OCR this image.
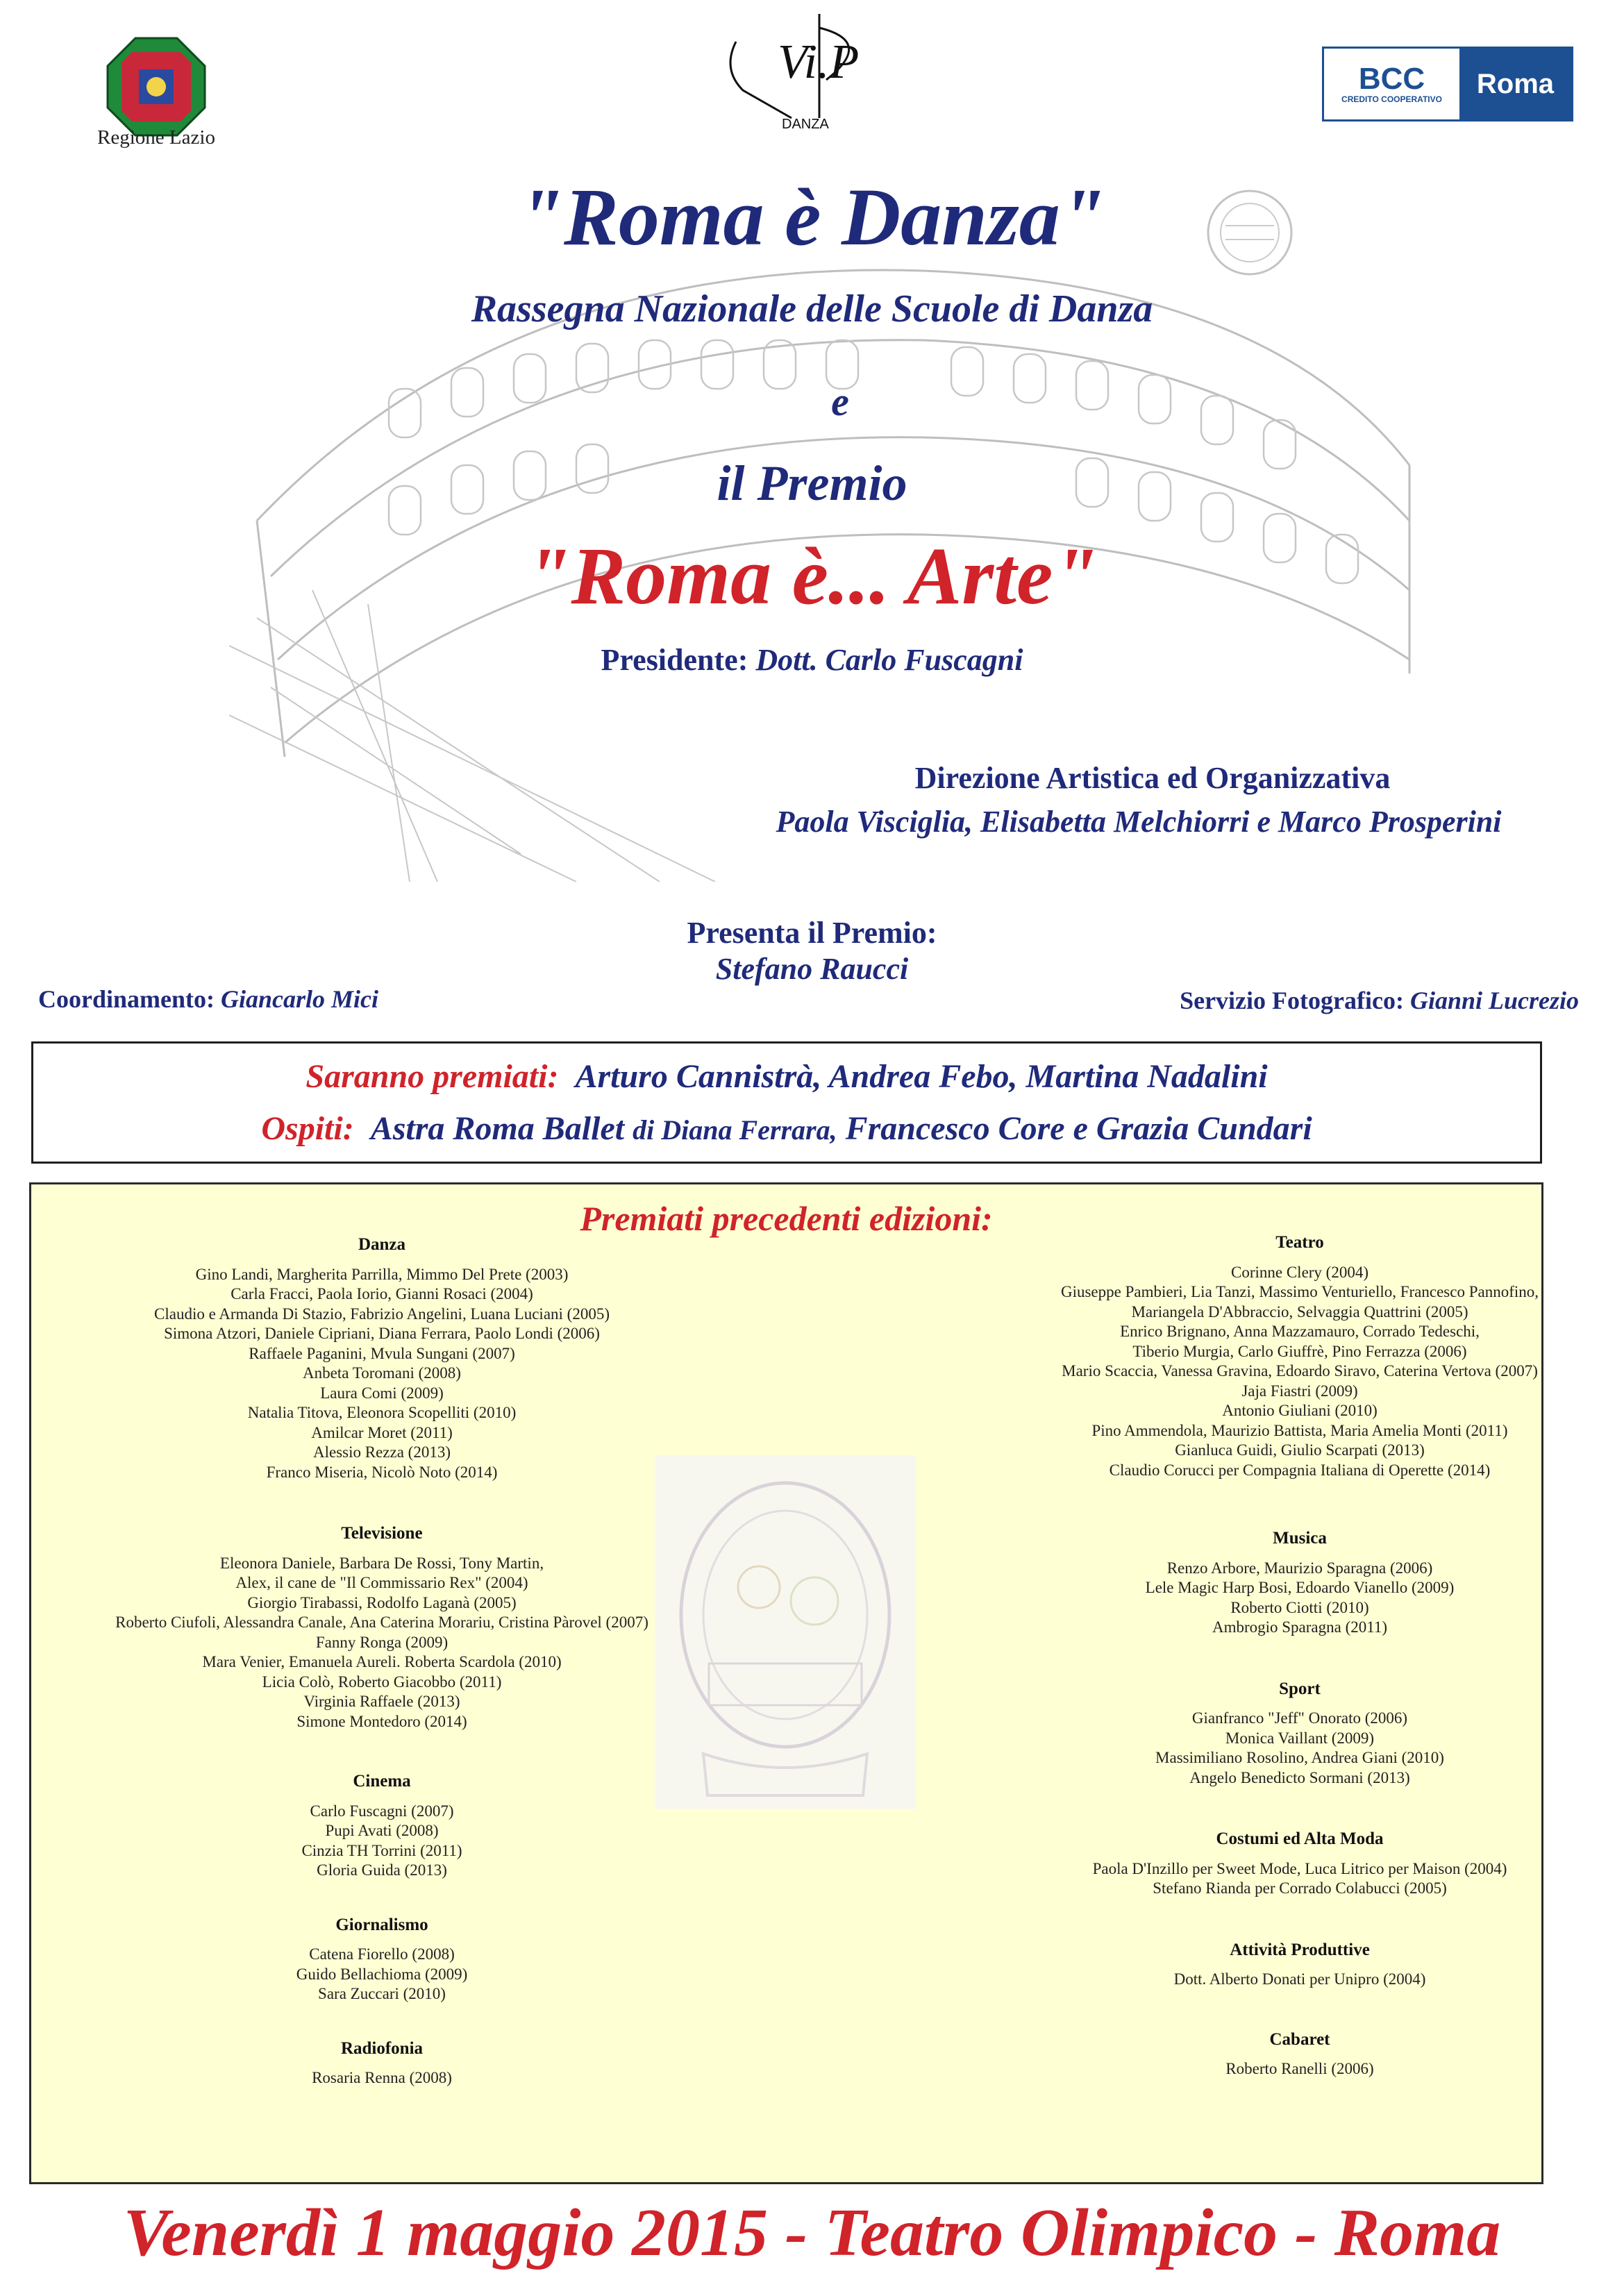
Regione Lazio
Vi.P
DANZA
BCC
CREDITO COOPERATIVO
Roma
"Roma è Danza"
Rassegna Nazionale delle Scuole di Danza
e
il Premio
"Roma è... Arte"
Presidente: Dott. Carlo Fuscagni
Direzione Artistica ed Organizzativa
Paola Visciglia, Elisabetta Melchiorri e Marco Prosperini
Presenta il Premio:
Stefano Raucci
Coordinamento: Giancarlo Mici	Servizio Fotografico: Gianni Lucrezio
Saranno premiati: Arturo Cannistrà, Andrea Febo, Martina Nadalini
Ospiti: Astra Roma Ballet di Diana Ferrara, Francesco Core e Grazia Cundari
Premiati precedenti edizioni:
Danza
Gino Landi, Margherita Parrilla, Mimmo Del Prete (2003)
Carla Fracci, Paola Iorio, Gianni Rosaci (2004)
Claudio e Armanda Di Stazio, Fabrizio Angelini, Luana Luciani (2005)
Simona Atzori, Daniele Cipriani, Diana Ferrara, Paolo Londi (2006)
Raffaele Paganini, Mvula Sungani (2007)
Anbeta Toromani (2008)
Laura Comi (2009)
Natalia Titova, Eleonora Scopelliti (2010)
Amilcar Moret (2011)
Alessio Rezza (2013)
Franco Miseria, Nicolò Noto (2014)
Televisione
Eleonora Daniele, Barbara De Rossi, Tony Martin,
Alex, il cane de "Il Commissario Rex" (2004)
Giorgio Tirabassi, Rodolfo Laganà (2005)
Roberto Ciufoli, Alessandra Canale, Ana Caterina Morariu, Cristina Pàrovel (2007)
Fanny Ronga (2009)
Mara Venier, Emanuela Aureli. Roberta Scardola (2010)
Licia Colò, Roberto Giacobbo (2011)
Virginia Raffaele (2013)
Simone Montedoro (2014)
Cinema
Carlo Fuscagni (2007)
Pupi Avati (2008)
Cinzia TH Torrini (2011)
Gloria Guida (2013)
Giornalismo
Catena Fiorello (2008)
Guido Bellachioma (2009)
Sara Zuccari (2010)
Radiofonia
Rosaria Renna (2008)
Teatro
Corinne Clery (2004)
Giuseppe Pambieri, Lia Tanzi, Massimo Venturiello, Francesco Pannofino,
Mariangela D'Abbraccio, Selvaggia Quattrini (2005)
Enrico Brignano, Anna Mazzamauro, Corrado Tedeschi,
Tiberio Murgia, Carlo Giuffrè, Pino Ferrazza (2006)
Mario Scaccia, Vanessa Gravina, Edoardo Siravo, Caterina Vertova (2007)
Jaja Fiastri (2009)
Antonio Giuliani (2010)
Pino Ammendola, Maurizio Battista, Maria Amelia Monti (2011)
Gianluca Guidi, Giulio Scarpati (2013)
Claudio Corucci per Compagnia Italiana di Operette (2014)
Musica
Renzo Arbore, Maurizio Sparagna (2006)
Lele Magic Harp Bosi, Edoardo Vianello (2009)
Roberto Ciotti (2010)
Ambrogio Sparagna (2011)
Sport
Gianfranco "Jeff" Onorato (2006)
Monica Vaillant (2009)
Massimiliano Rosolino, Andrea Giani (2010)
Angelo Benedicto Sormani (2013)
Costumi ed Alta Moda
Paola D'Inzillo per Sweet Mode, Luca Litrico per Maison (2004)
Stefano Rianda per Corrado Colabucci (2005)
Attività Produttive
Dott. Alberto Donati per Unipro (2004)
Cabaret
Roberto Ranelli (2006)
Venerdì 1 maggio 2015 - Teatro Olimpico - Roma
